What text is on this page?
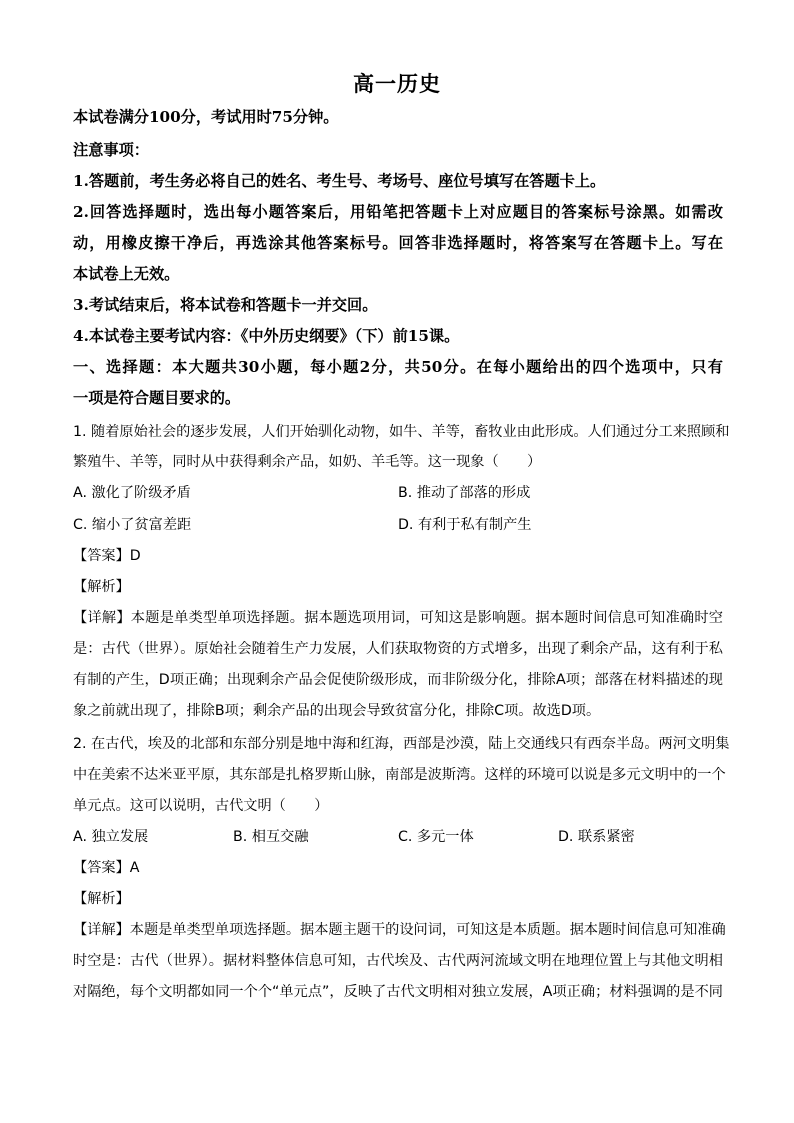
高一历史
本试卷满分100分，考试用时75分钟。
注意事项：
1.答题前，考生务必将自己的姓名、考生号、考场号、座位号填写在答题卡上。
2.回答选择题时，选出每小题答案后，用铅笔把答题卡上对应题目的答案标号涂黑。如需改
动，用橡皮擦干净后，再选涂其他答案标号。回答非选择题时，将答案写在答题卡上。写在
本试卷上无效。
3.考试结束后，将本试卷和答题卡一并交回。
4.本试卷主要考试内容：《中外历史纲要》（下）前15课。
一、选择题：本大题共30小题，每小题2分，共50分。在每小题给出的四个选项中，只有
一项是符合题目要求的。
1. 随着原始社会的逐步发展，人们开始驯化动物，如牛、羊等，畜牧业由此形成。人们通过分工来照顾和
繁殖牛、羊等，同时从中获得剩余产品，如奶、羊毛等。这一现象（　　）
A. 激化了阶级矛盾	B. 推动了部落的形成
C. 缩小了贫富差距	D. 有利于私有制产生
【答案】D
【解析】
【详解】本题是单类型单项选择题。据本题选项用词，可知这是影响题。据本题时间信息可知准确时空
是：古代（世界）。原始社会随着生产力发展，人们获取物资的方式增多，出现了剩余产品，这有利于私
有制的产生，D项正确；出现剩余产品会促使阶级形成，而非阶级分化，排除A项；部落在材料描述的现
象之前就出现了，排除B项；剩余产品的出现会导致贫富分化，排除C项。故选D项。
2. 在古代，埃及的北部和东部分别是地中海和红海，西部是沙漠，陆上交通线只有西奈半岛。两河文明集
中在美索不达米亚平原，其东部是扎格罗斯山脉，南部是波斯湾。这样的环境可以说是多元文明中的一个
单元点。这可以说明，古代文明（　　）
A. 独立发展	B. 相互交融	C. 多元一体	D. 联系紧密
【答案】A
【解析】
【详解】本题是单类型单项选择题。据本题主题干的设问词，可知这是本质题。据本题时间信息可知准确
时空是：古代（世界）。据材料整体信息可知，古代埃及、古代两河流域文明在地理位置上与其他文明相
对隔绝，每个文明都如同一个个“单元点”，反映了古代文明相对独立发展，A项正确；材料强调的是不同
